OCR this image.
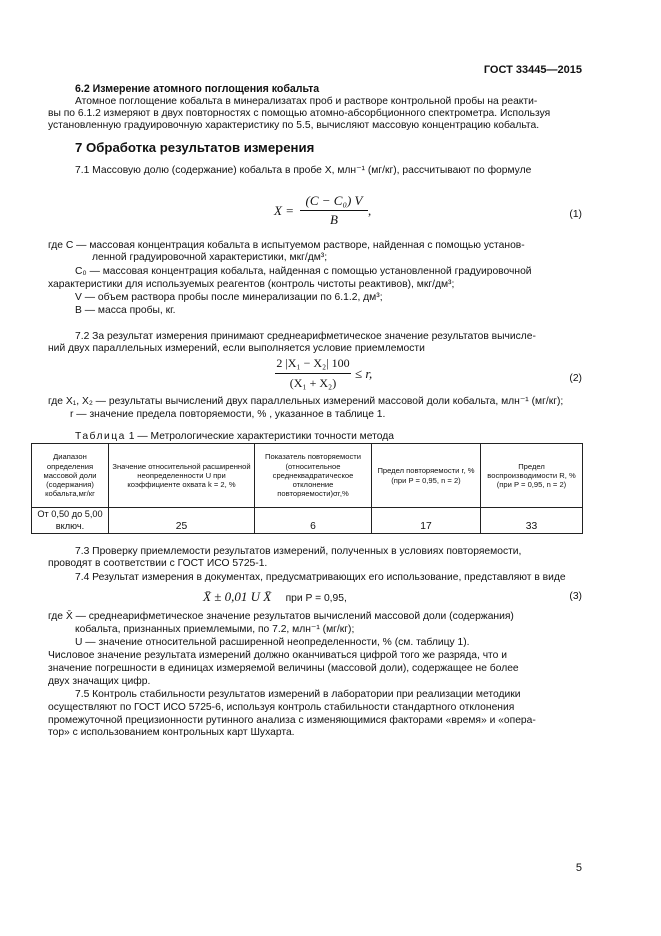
ГОСТ 33445—2015
6.2 Измерение атомного поглощения кобальта
Атомное поглощение кобальта в минерализатах проб и растворе контрольной пробы на реакти-
вы по 6.1.2 измеряют в двух повторностях с помощью атомно-абсорбционного спектрометра. Используя
установленную градуировочную характеристику по 5.5, вычисляют массовую концентрацию кобальта.
7 Обработка результатов измерения
7.1 Массовую долю (содержание) кобальта в пробе X, млн⁻¹ (мг/кг), рассчитывают по формуле
X =
(C − C₀) V
B
,	(1)
где C — массовая концентрация кобальта в испытуемом растворе, найденная с помощью установ-
ленной градуировочной характеристики, мкг/дм³;
C₀ — массовая концентрация кобальта, найденная с помощью установленной градуировочной
характеристики для используемых реагентов (контроль чистоты реактивов), мкг/дм³;
V — объем раствора пробы после минерализации по 6.1.2, дм³;
B — масса пробы, кг.
7.2 За результат измерения принимают среднеарифметическое значение результатов вычисле-
ний двух параллельных измерений, если выполняется условие приемлемости
2 |X₁ − X₂| 100
(X₁ + X₂)
≤ r,	(2)
где X₁, X₂ — результаты вычислений двух параллельных измерений массовой доли кобальта, млн⁻¹ (мг/кг);
r — значение предела повторяемости, % , указанное в таблице 1.
Таблица 1 — Метрологические характеристики точности метода
Диапазон определения массовой доли (содержания) кобальта,мг/кг	Значение относительной расширенной неопределенности U при коэффициенте охвата k = 2, %	Показатель повторяемости (относительное среднеквадратическое отклонение повторяемости)σr,%	Предел повторяемости r, % (при P = 0,95, n = 2)	Предел воспроизводимости R, % (при P = 0,95, n = 2)
От 0,50 до 5,00 включ.	25	6	17	33
7.3 Проверку приемлемости результатов измерений, полученных в условиях повторяемости,
проводят в соответствии с ГОСТ ИСО 5725-1.
7.4 Результат измерения в документах, предусматривающих его использование, представляют в виде
X̄ ± 0,01 U X̄ при P = 0,95,	(3)
где X̄ — среднеарифметическое значение результатов вычислений массовой доли (содержания)
кобальта, признанных приемлемыми, по 7.2, млн⁻¹ (мг/кг);
U — значение относительной расширенной неопределенности, % (см. таблицу 1).
Числовое значение результата измерений должно оканчиваться цифрой того же разряда, что и
значение погрешности в единицах измеряемой величины (массовой доли), содержащее не более
двух значащих цифр.
7.5 Контроль стабильности результатов измерений в лаборатории при реализации методики
осуществляют по ГОСТ ИСО 5725-6, используя контроль стабильности стандартного отклонения
промежуточной прецизионности рутинного анализа с изменяющимися факторами «время» и «опера-
тор» с использованием контрольных карт Шухарта.
5
